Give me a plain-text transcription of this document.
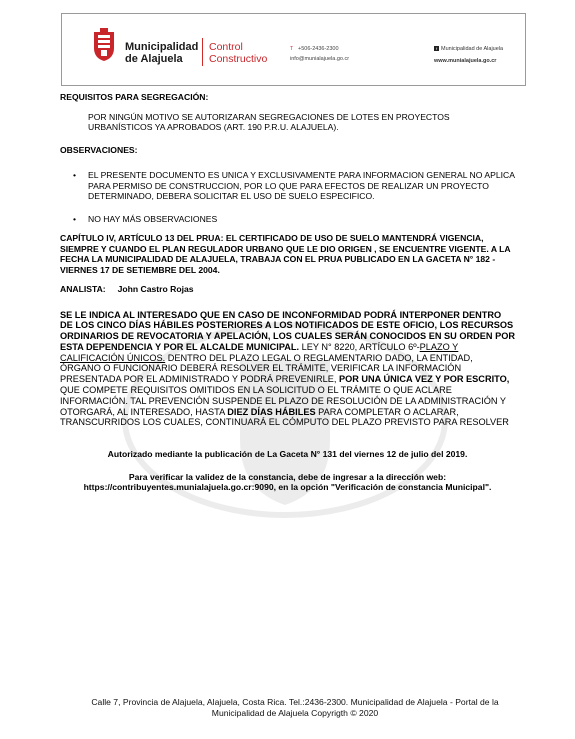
Municipalidad
de Alajuela
Control
Constructivo
T +506-2436-2300
info@munialajuela.go.cr
f Municipalidad de Alajuela
www.munialajuela.go.cr

REQUISITOS PARA SEGREGACIÓN:

POR NINGÚN MOTIVO SE AUTORIZARAN SEGREGACIONES DE LOTES EN PROYECTOS URBANÍSTICOS YA APROBADOS (ART. 190 P.R.U. ALAJUELA).

OBSERVACIONES:

• EL PRESENTE DOCUMENTO ES UNICA Y EXCLUSIVAMENTE PARA INFORMACION GENERAL NO APLICA PARA PERMISO DE CONSTRUCCION, POR LO QUE PARA EFECTOS DE REALIZAR UN PROYECTO DETERMINADO, DEBERA SOLICITAR EL USO DE SUELO ESPECIFICO.
• NO HAY MÁS OBSERVACIONES

CAPÍTULO IV, ARTÍCULO 13 DEL PRUA: EL CERTIFICADO DE USO DE SUELO MANTENDRÁ VIGENCIA, SIEMPRE Y CUANDO EL PLAN REGULADOR URBANO QUE LE DIO ORIGEN , SE ENCUENTRE VIGENTE. A LA FECHA LA MUNICIPALIDAD DE ALAJUELA, TRABAJA CON EL PRUA PUBLICADO EN LA GACETA N° 182 - VIERNES 17 DE SETIEMBRE DEL 2004.

ANALISTA: John Castro Rojas

SE LE INDICA AL INTERESADO QUE EN CASO DE INCONFORMIDAD PODRÁ INTERPONER DENTRO DE LOS CINCO DÍAS HÁBILES POSTERIORES A LOS NOTIFICADOS DE ESTE OFICIO, LOS RECURSOS ORDINARIOS DE REVOCATORIA Y APELACIÓN, LOS CUALES SERÁN CONOCIDOS EN SU ORDEN POR ESTA DEPENDENCIA Y POR EL ALCALDE MUNICIPAL. LEY N° 8220, ARTÍCULO 6º-PLAZO Y CALIFICACIÓN ÚNICOS. DENTRO DEL PLAZO LEGAL O REGLAMENTARIO DADO, LA ENTIDAD, ÓRGANO O FUNCIONARIO DEBERÁ RESOLVER EL TRÁMITE, VERIFICAR LA INFORMACIÓN PRESENTADA POR EL ADMINISTRADO Y PODRÁ PREVENIRLE, POR UNA ÚNICA VEZ Y POR ESCRITO, QUE COMPETE REQUISITOS OMITIDOS EN LA SOLICITUD O EL TRÁMITE O QUE ACLARE INFORMACIÓN. TAL PREVENCIÓN SUSPENDE EL PLAZO DE RESOLUCIÓN DE LA ADMINISTRACIÓN Y OTORGARÁ, AL INTERESADO, HASTA DIEZ DÍAS HÁBILES PARA COMPLETAR O ACLARAR, TRANSCURRIDOS LOS CUALES, CONTINUARÁ EL CÓMPUTO DEL PLAZO PREVISTO PARA RESOLVER

Autorizado mediante la publicación de La Gaceta N° 131 del viernes 12 de julio del 2019.

Para verificar la validez de la constancia, debe de ingresar a la dirección web: https://contribuyentes.munialajuela.go.cr:9090, en la opción "Verificación de constancia Municipal".

Calle 7, Provincia de Alajuela, Alajuela, Costa Rica. Tel.:2436-2300. Municipalidad de Alajuela - Portal de la Municipalidad de Alajuela Copyrigth © 2020
